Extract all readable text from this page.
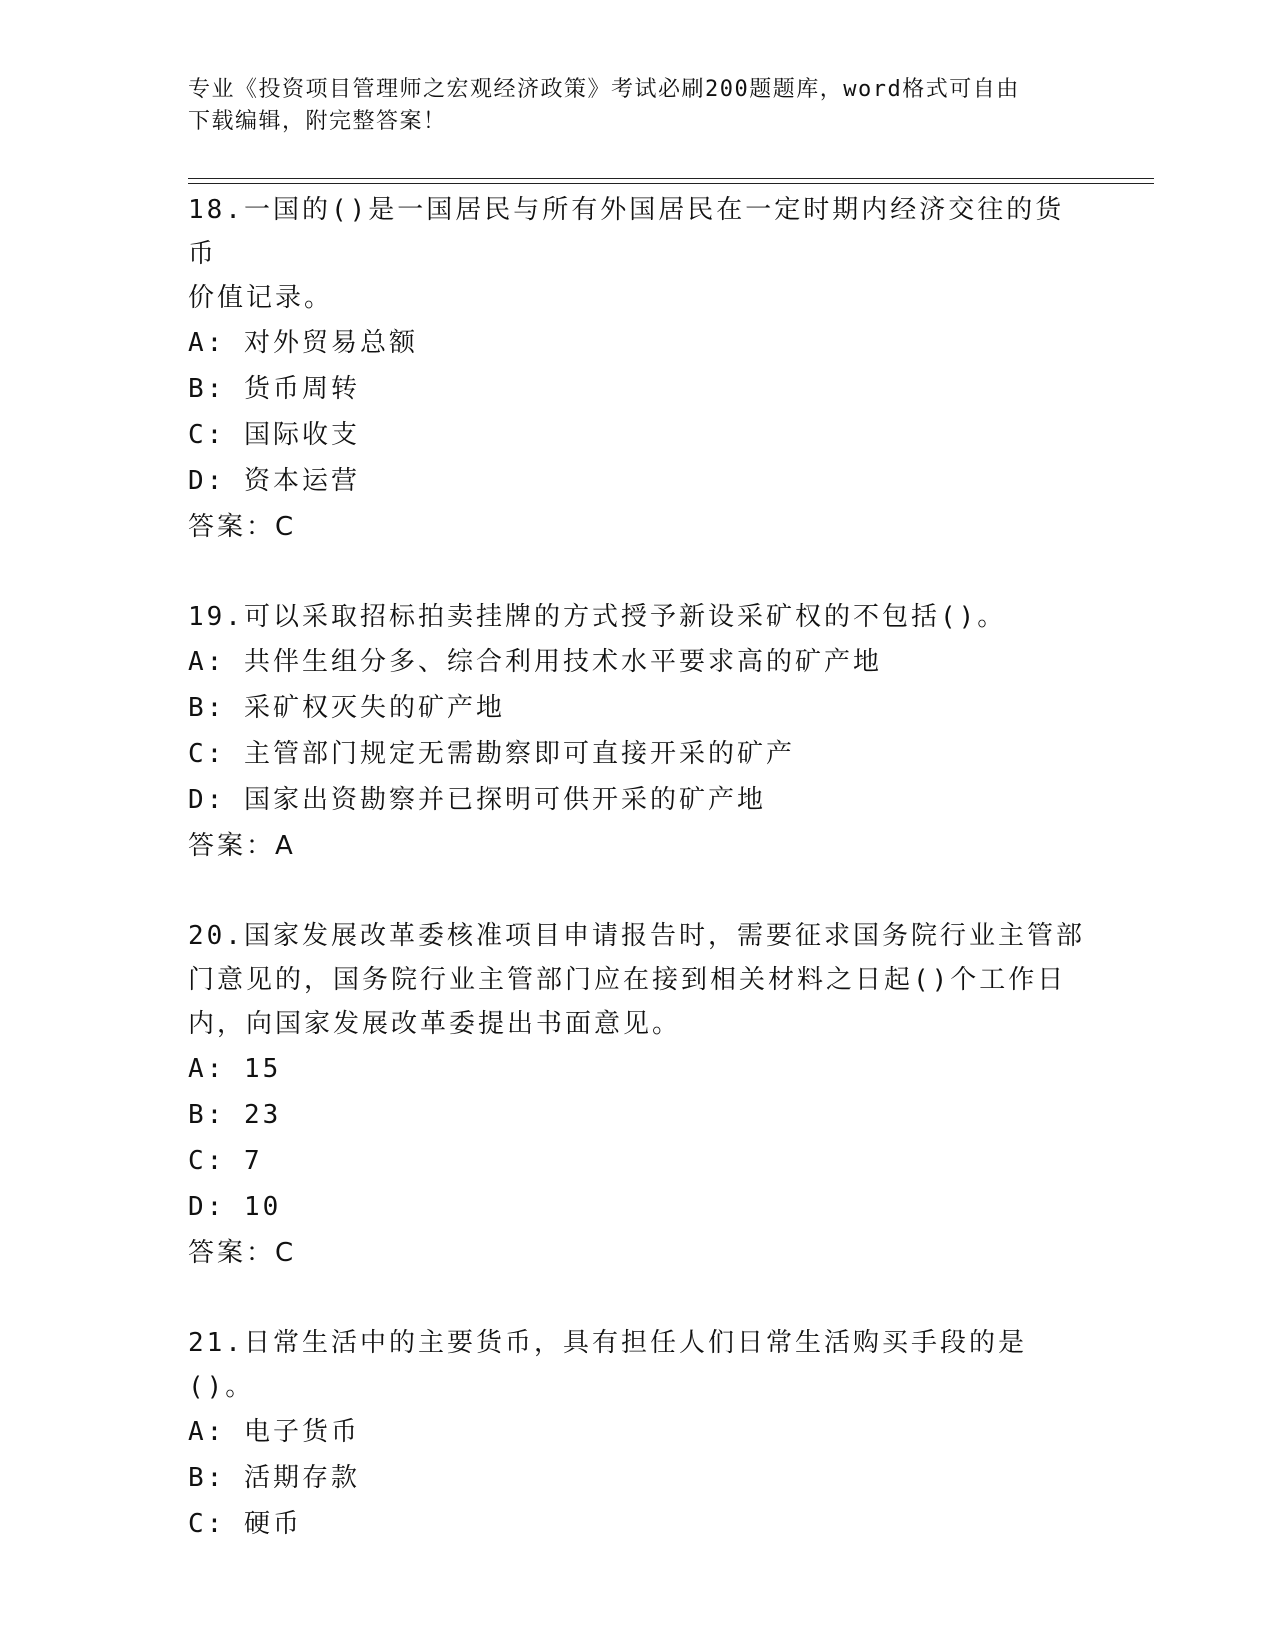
专业《投资项目管理师之宏观经济政策》考试必刷200题题库，word格式可自由
下载编辑，附完整答案！

18.一国的()是一国居民与所有外国居民在一定时期内经济交往的货币

价值记录。

A: 对外贸易总额

B: 货币周转

C: 国际收支

D: 资本运营

答案：C

19.可以采取招标拍卖挂牌的方式授予新设采矿权的不包括()。

A: 共伴生组分多、综合利用技术水平要求高的矿产地

B: 采矿权灭失的矿产地

C: 主管部门规定无需勘察即可直接开采的矿产

D: 国家出资勘察并已探明可供开采的矿产地

答案：A

20.国家发展改革委核准项目申请报告时，需要征求国务院行业主管部

门意见的，国务院行业主管部门应在接到相关材料之日起()个工作日

内，向国家发展改革委提出书面意见。

A: 15

B: 23

C: 7

D: 10

答案：C

21.日常生活中的主要货币，具有担任人们日常生活购买手段的是()。

A: 电子货币

B: 活期存款

C: 硬币
